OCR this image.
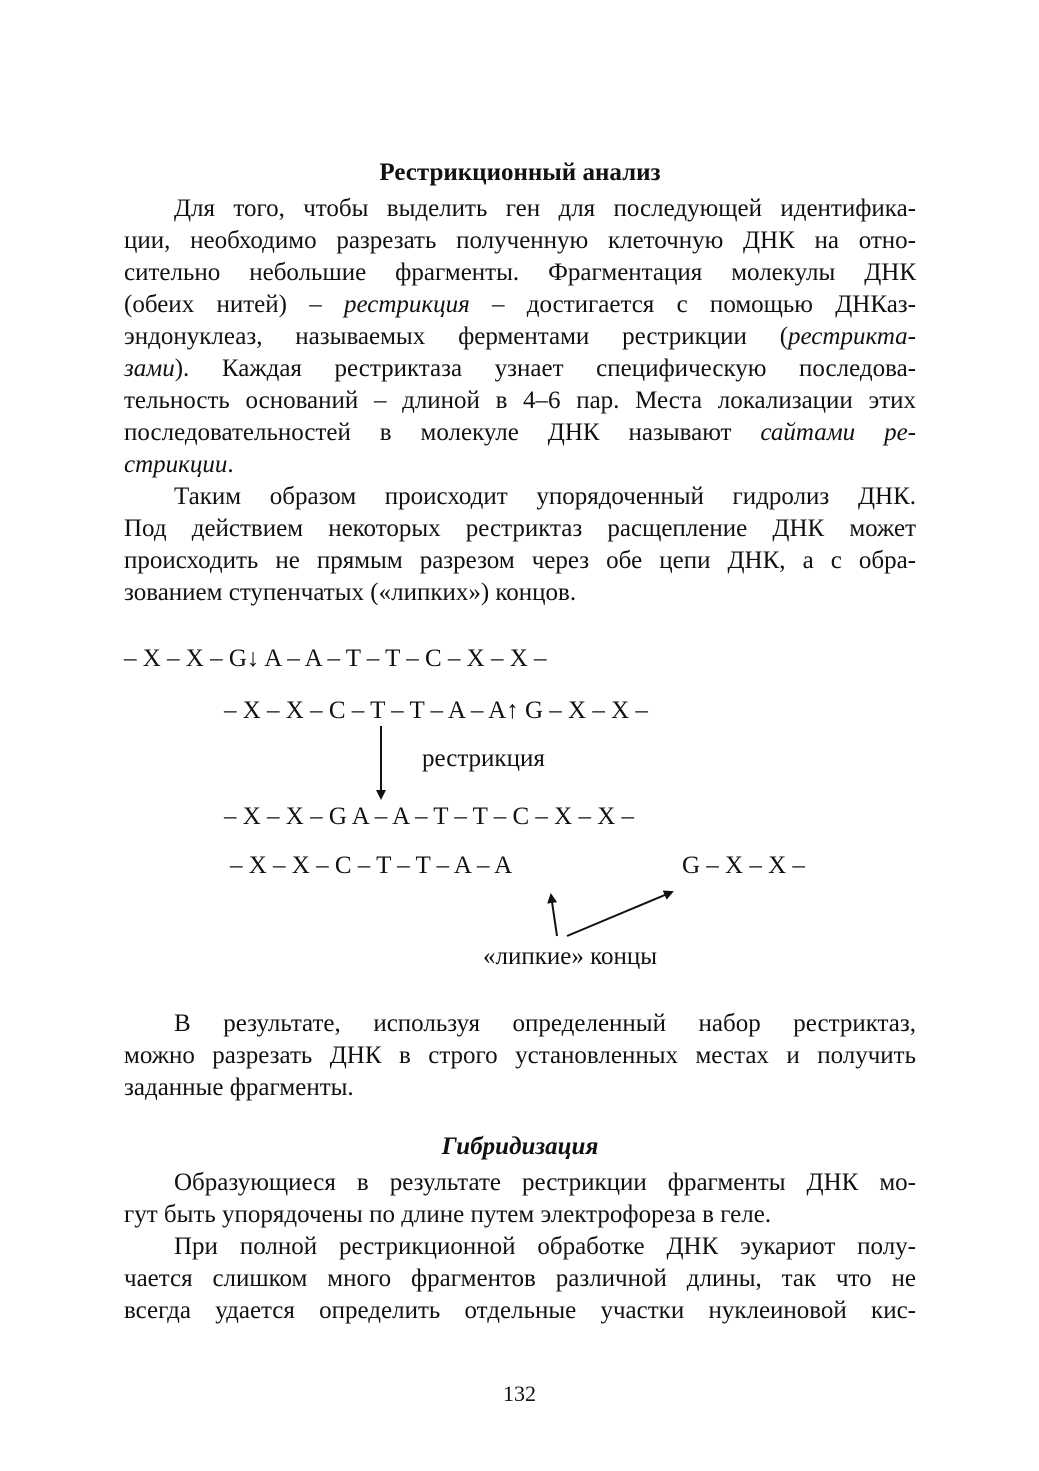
Рестрикционный анализ
Для того, чтобы выделить ген для последующей идентифика-
ции, необходимо разрезать полученную клеточную ДНК на отно-
сительно небольшие фрагменты. Фрагментация молекулы ДНК
(обеих нитей) – рестрикция – достигается с помощью ДНКаз-
эндонуклеаз, называемых ферментами рестрикции (рестрикта-
зами). Каждая рестриктаза узнает специфическую последова-
тельность оснований – длиной в 4–6 пар. Места локализации этих
последовательностей в молекуле ДНК называют сайтами ре-
стрикции.
Таким образом происходит упорядоченный гидролиз ДНК.
Под действием некоторых рестриктаз расщепление ДНК может
происходить не прямым разрезом через обе цепи ДНК, а с обра-
зованием ступенчатых («липких») концов.
– X – X – G↓ A – A – T – T – C – X – X –
– X – X – C – T – T – A – A↑ G – X – X –
рестрикция
– X – X – G A – A – T – T – C – X – X –
– X – X – C – T – T – A – A	G – X – X –
«липкие» концы
В результате, используя определенный набор рестриктаз,
можно разрезать ДНК в строго установленных местах и получить
заданные фрагменты.
Гибридизация
Образующиеся в результате рестрикции фрагменты ДНК мо-
гут быть упорядочены по длине путем электрофореза в геле.
При полной рестрикционной обработке ДНК эукариот полу-
чается слишком много фрагментов различной длины, так что не
всегда удается определить отдельные участки нуклеиновой кис-
132
